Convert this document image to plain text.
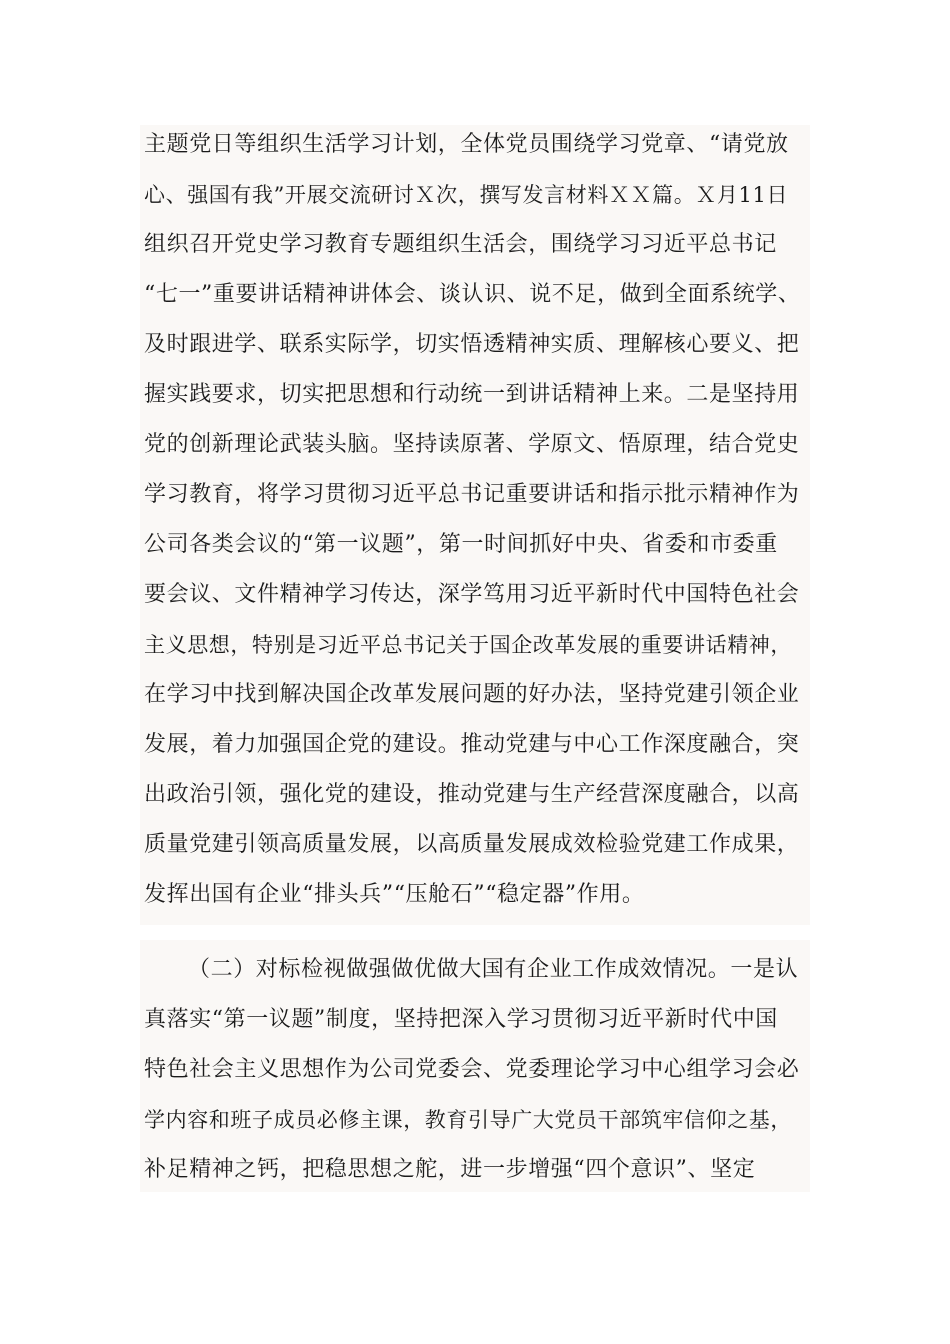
主题党日等组织生活学习计划，全体党员围绕学习党章、“请党放
心、强国有我”开展交流研讨Ｘ次，撰写发言材料ＸＸ篇。Ｘ月11日
组织召开党史学习教育专题组织生活会，围绕学习习近平总书记
“七一”重要讲话精神讲体会、谈认识、说不足，做到全面系统学、
及时跟进学、联系实际学，切实悟透精神实质、理解核心要义、把
握实践要求，切实把思想和行动统一到讲话精神上来。二是坚持用
党的创新理论武装头脑。坚持读原著、学原文、悟原理，结合党史
学习教育，将学习贯彻习近平总书记重要讲话和指示批示精神作为
公司各类会议的“第一议题”，第一时间抓好中央、省委和市委重
要会议、文件精神学习传达，深学笃用习近平新时代中国特色社会
主义思想，特别是习近平总书记关于国企改革发展的重要讲话精神，
在学习中找到解决国企改革发展问题的好办法，坚持党建引领企业
发展，着力加强国企党的建设。推动党建与中心工作深度融合，突
出政治引领，强化党的建设，推动党建与生产经营深度融合，以高
质量党建引领高质量发展，以高质量发展成效检验党建工作成果，
发挥出国有企业“排头兵”“压舱石”“稳定器”作用。
（二）对标检视做强做优做大国有企业工作成效情况。一是认
真落实“第一议题”制度，坚持把深入学习贯彻习近平新时代中国
特色社会主义思想作为公司党委会、党委理论学习中心组学习会必
学内容和班子成员必修主课，教育引导广大党员干部筑牢信仰之基，
补足精神之钙，把稳思想之舵，进一步增强“四个意识”、坚定
